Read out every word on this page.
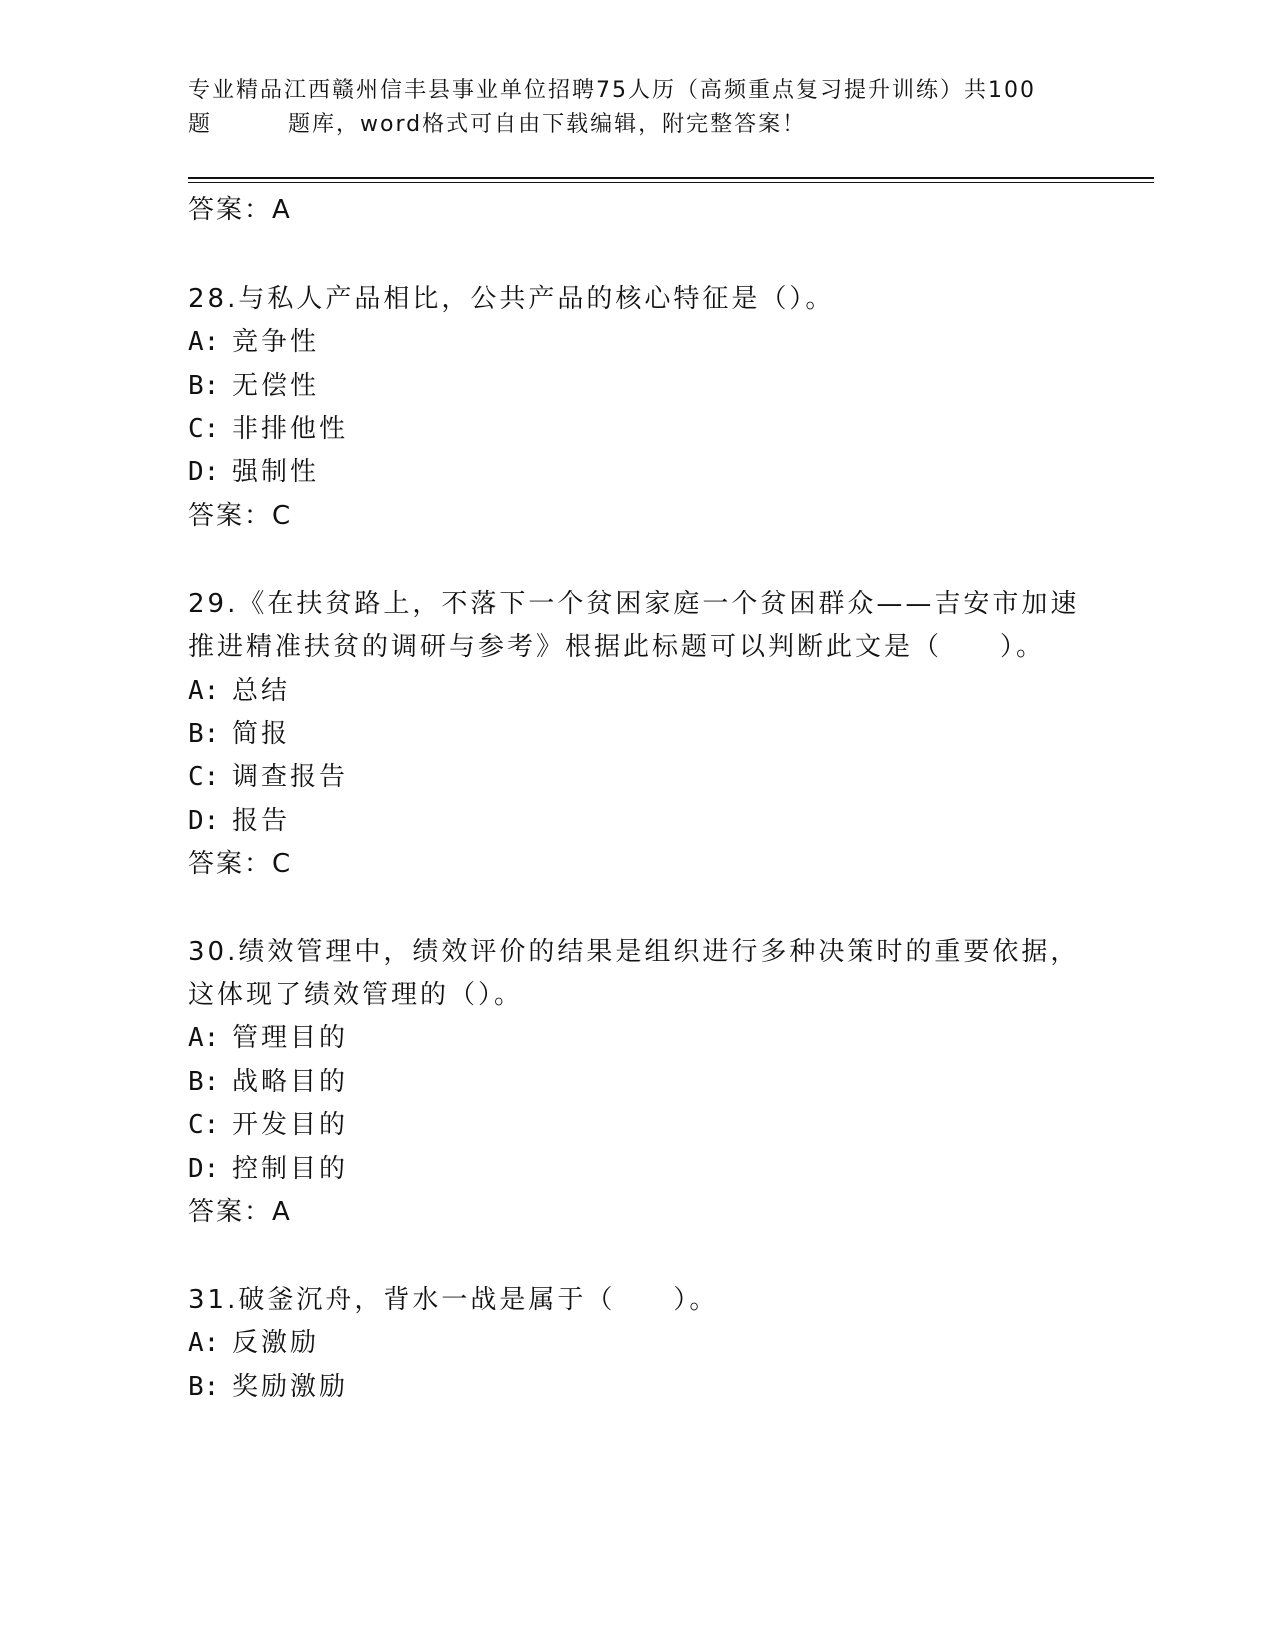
专业精品江西赣州信丰县事业单位招聘75人历（高频重点复习提升训练）共100
题	题库，word格式可自由下载编辑，附完整答案！
答案：A
28.与私人产品相比，公共产品的核心特征是（）。
A: 竞争性
B: 无偿性
C: 非排他性
D: 强制性
答案：C
29.《在扶贫路上，不落下一个贫困家庭一个贫困群众——吉安市加速
推进精准扶贫的调研与参考》根据此标题可以判断此文是（　　）。
A: 总结
B: 简报
C: 调查报告
D: 报告
答案：C
30.绩效管理中，绩效评价的结果是组织进行多种决策时的重要依据，
这体现了绩效管理的（）。
A: 管理目的
B: 战略目的
C: 开发目的
D: 控制目的
答案：A
31.破釜沉舟，背水一战是属于（　　）。
A: 反激励
B: 奖励激励
